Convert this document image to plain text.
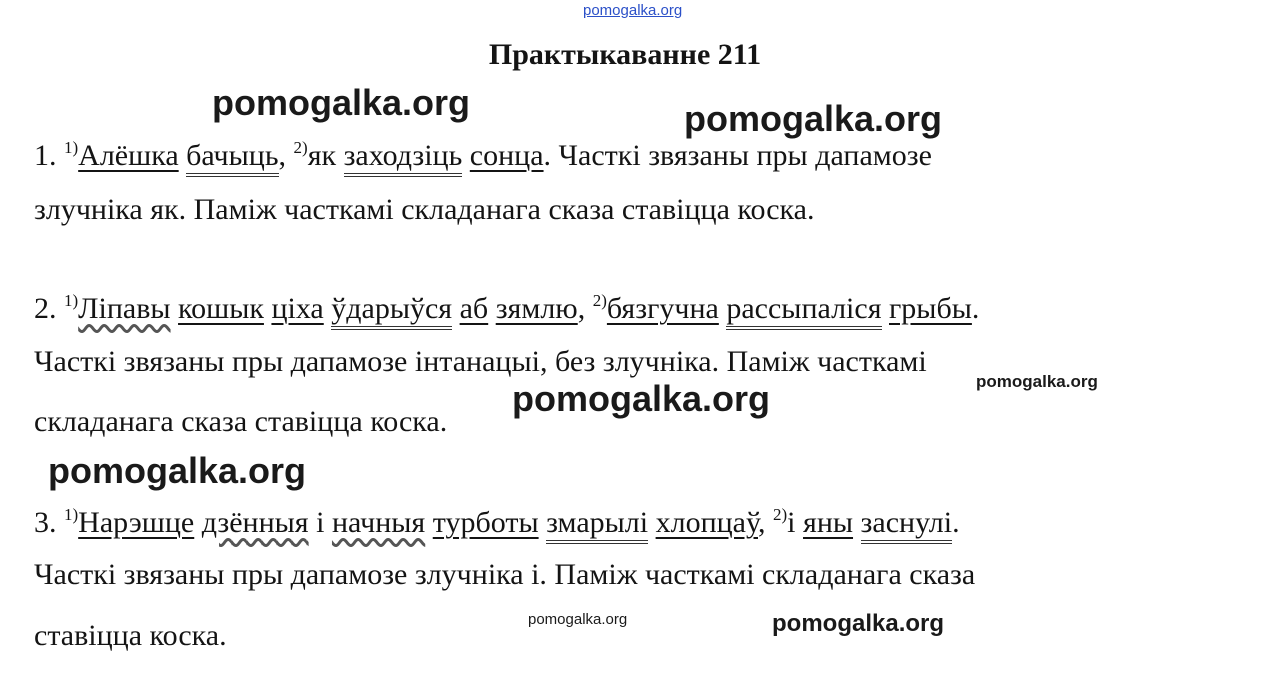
pomogalka.org
pomogalka.org	pomogalka.org
pomogalka.org
pomogalka.org
pomogalka.org
pomogalka.org
pomogalka.org
Практыкаванне 211
1. $^{1)}$Алёшка бачыць, $^{2)}$як заходзіць сонца. Часткі звязаны пры дапамозе
злучніка як. Паміж часткамі складанага сказа ставіцца коска.
2. $^{1)}$Ліпавы кошык ціха ўдарыўся аб зямлю, $^{2)}$бязгучна рассыпаліся грыбы.
Часткі звязаны пры дапамозе інтанацыі, без злучніка. Паміж часткамі
складанага сказа ставіцца коска.
3. $^{1)}$Нарэшце дзённыя і начныя турботы змарылі хлопцаў, $^{2)}$і яны заснулі.
Часткі звязаны пры дапамозе злучніка і. Паміж часткамі складанага сказа
ставіцца коска.
